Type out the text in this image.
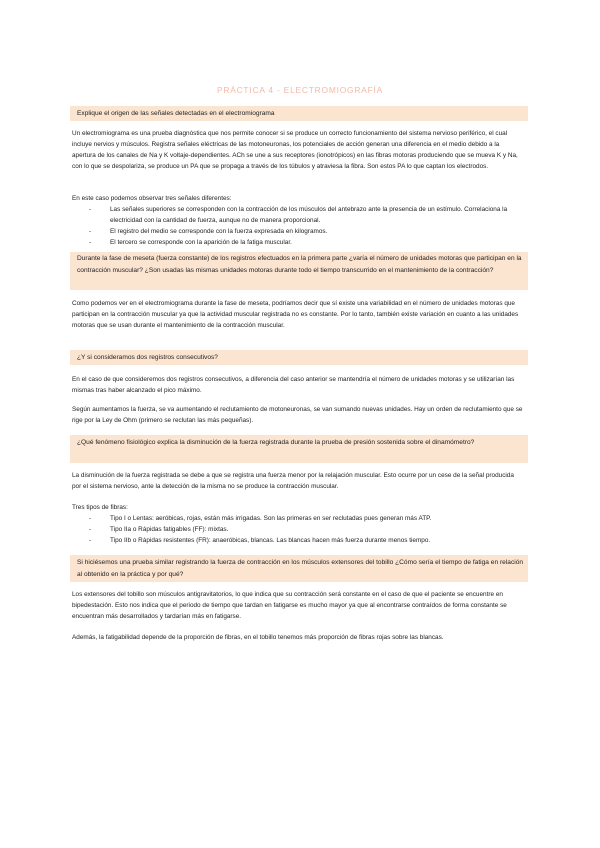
PRÁCTICA 4 - ELECTROMIOGRAFÍA
Explique el origen de las señales detectadas en el electromiograma
Un electromiograma es una prueba diagnóstica que nos permite conocer si se produce un correcto funcionamiento del sistema nervioso periférico, el cual incluye nervios y músculos. Registra señales eléctricas de las motoneuronas, los potenciales de acción generan una diferencia en el medio debido a la apertura de los canales de Na y K voltaje-dependientes. ACh se une a sus receptores (ionotrópicos) en las fibras motoras produciendo que se mueva K y Na, con lo que se despolariza, se produce un PA que se propaga a través de los túbulos y atraviesa la fibra. Son estos PA lo que captan los electrodos.
En este caso podemos observar tres señales diferentes:
-	Las señales superiores se corresponden con la contracción de los músculos del antebrazo ante la presencia de un estímulo. Correlaciona la electricidad con la cantidad de fuerza, aunque no de manera proporcional.
-	El registro del medio se corresponde con la fuerza expresada en kilogramos.
-	El tercero se corresponde con la aparición de la fatiga muscular.
Durante la fase de meseta (fuerza constante) de los registros efectuados en la primera parte ¿varía el número de unidades motoras que participan en la contracción muscular? ¿Son usadas las mismas unidades motoras durante todo el tiempo transcurrido en el mantenimiento de la contracción?
Como podemos ver en el electromiograma durante la fase de meseta, podríamos decir que sí existe una variabilidad en el número de unidades motoras que participan en la contracción muscular ya que la actividad muscular registrada no es constante. Por lo tanto, también existe variación en cuanto a las unidades motoras que se usan durante el mantenimiento de la contracción muscular.
¿Y si consideramos dos registros consecutivos?
En el caso de que consideremos dos registros consecutivos, a diferencia del caso anterior se mantendría el número de unidades motoras y se utilizarían las mismas tras haber alcanzado el pico máximo.
Según aumentamos la fuerza, se va aumentando el reclutamiento de motoneuronas, se van sumando nuevas unidades. Hay un orden de reclutamiento que se rige por la Ley de Ohm (primero se reclutan las más pequeñas).
¿Qué fenómeno fisiológico explica la disminución de la fuerza registrada durante la prueba de presión sostenida sobre el dinamómetro?
La disminución de la fuerza registrada se debe a que se registra una fuerza menor por la relajación muscular. Esto ocurre por un cese de la señal producida por el sistema nervioso, ante la detección de la misma no se produce la contracción muscular.
Tres tipos de fibras:
-	Tipo I o Lentas: aeróbicas, rojas, están más irrigadas. Son las primeras en ser reclutadas pues generan más ATP.
-	Tipo IIa o Rápidas fatigables (FF): mixtas.
-	Tipo IIb o Rápidas resistentes (FR): anaeróbicas, blancas. Las blancas hacen más fuerza durante menos tiempo.
Si hiciésemos una prueba similar registrando la fuerza de contracción en los músculos extensores del tobillo ¿Cómo sería el tiempo de fatiga en relación al obtenido en la práctica y por qué?
Los extensores del tobillo son músculos antigravitatorios, lo que indica que su contracción será constante en el caso de que el paciente se encuentre en bipedestación. Esto nos indica que el periodo de tiempo que tardan en fatigarse es mucho mayor ya que al encontrarse contraídos de forma constante se encuentran más desarrollados y tardarían más en fatigarse.
Además, la fatigabilidad depende de la proporción de fibras, en el tobillo tenemos más proporción de fibras rojas sobre las blancas.
